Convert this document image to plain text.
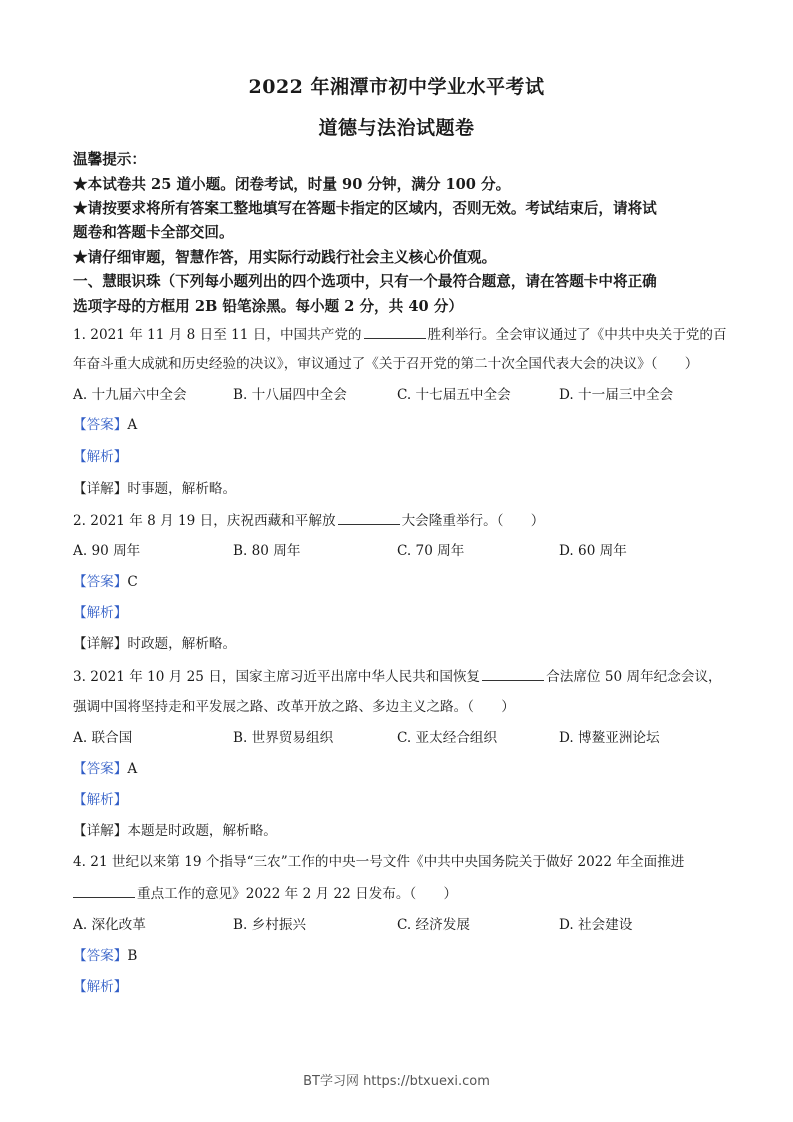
2022 年湘潭市初中学业水平考试
道德与法治试题卷
温馨提示：
★本试卷共 25 道小题。闭卷考试，时量 90 分钟，满分 100 分。
★请按要求将所有答案工整地填写在答题卡指定的区域内，否则无效。考试结束后，请将试
题卷和答题卡全部交回。
★请仔细审题，智慧作答，用实际行动践行社会主义核心价值观。
一、慧眼识珠（下列每小题列出的四个选项中，只有一个最符合题意，请在答题卡中将正确
选项字母的方框用 2B 铅笔涂黑。每小题 2 分，共 40 分）
1. 2021 年 11 月 8 日至 11 日，中国共产党的	胜利举行。全会审议通过了《中共中央关于党的百
年奋斗重大成就和历史经验的决议》，审议通过了《关于召开党的第二十次全国代表大会的决议》（　　）
A. 十九届六中全会	B. 十八届四中全会	C. 十七届五中全会	D. 十一届三中全会
【答案】A
【解析】
【详解】时事题，解析略。
2. 2021 年 8 月 19 日，庆祝西藏和平解放	大会隆重举行。（　　）
A. 90 周年	B. 80 周年	C. 70 周年	D. 60 周年
【答案】C
【解析】
【详解】时政题，解析略。
3. 2021 年 10 月 25 日，国家主席习近平出席中华人民共和国恢复	合法席位 50 周年纪念会议，
强调中国将坚持走和平发展之路、改革开放之路、多边主义之路。（　　）
A. 联合国	B. 世界贸易组织	C. 亚太经合组织	D. 博鳌亚洲论坛
【答案】A
【解析】
【详解】本题是时政题，解析略。
4. 21 世纪以来第 19 个指导“三农”工作的中央一号文件《中共中央国务院关于做好 2022 年全面推进
重点工作的意见》2022 年 2 月 22 日发布。（　　）
A. 深化改革	B. 乡村振兴	C. 经济发展	D. 社会建设
【答案】B
【解析】
BT学习网 https://btxuexi.com
